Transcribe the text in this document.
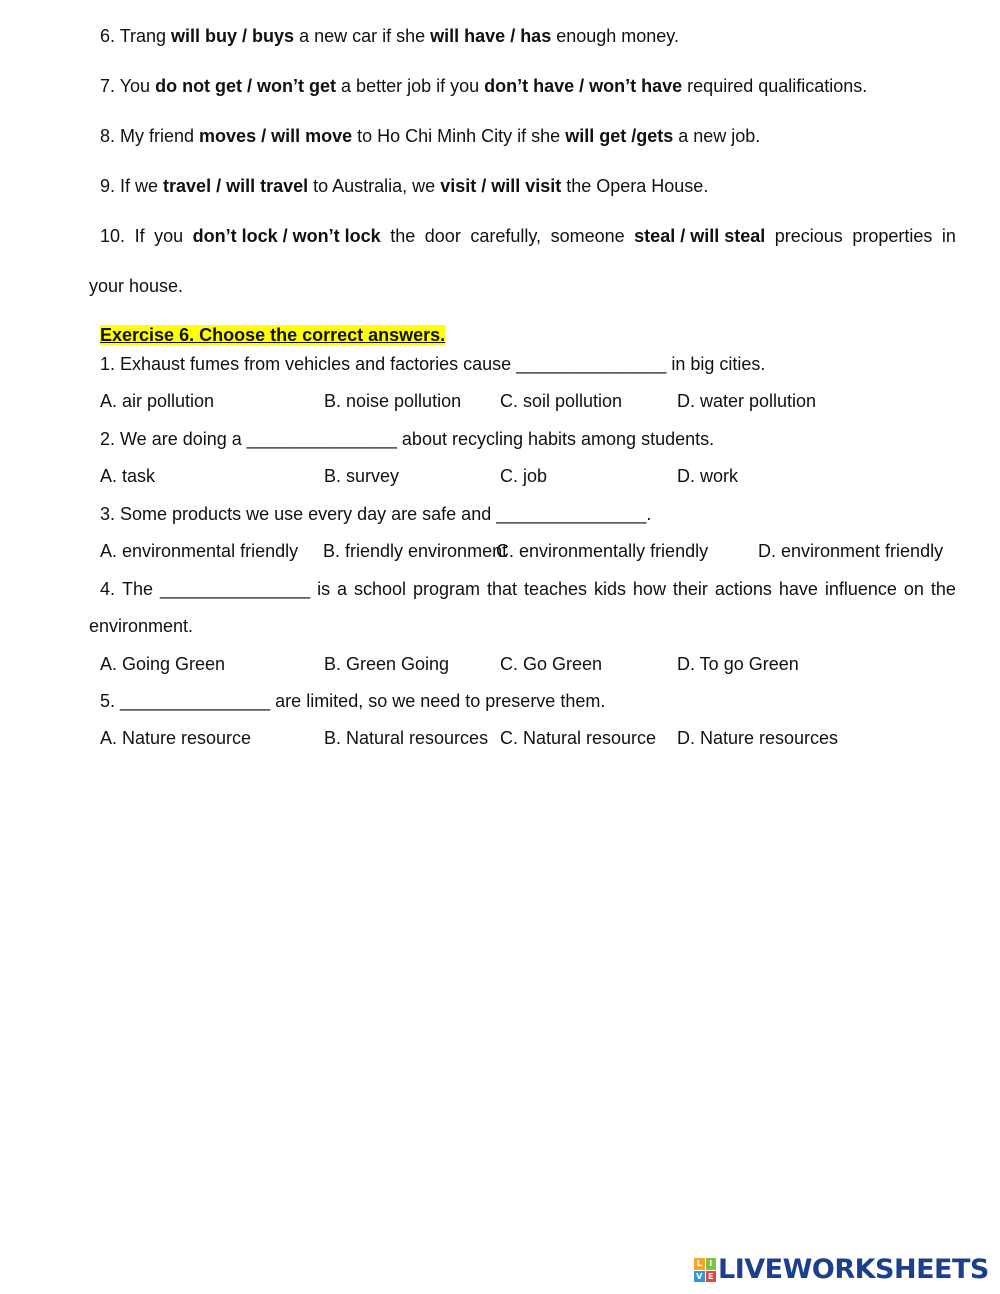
6. Trang will buy / buys a new car if she will have / has enough money.
7. You do not get / won’t get a better job if you don’t have / won’t have required qualifications.
8. My friend moves / will move to Ho Chi Minh City if she will get /gets a new job.
9. If we travel / will travel to Australia, we visit / will visit the Opera House.
10. If you don’t lock / won’t lock the door carefully, someone steal / will steal precious properties in
your house.
Exercise 6. Choose the correct answers.
1. Exhaust fumes from vehicles and factories cause _______________ in big cities.
A. air pollution	B. noise pollution C. soil pollution	D. water pollution
2. We are doing a _______________ about recycling habits among students.
A. task	B. survey	C. job	D. work
3. Some products we use every day are safe and _______________.
A. environmental friendly B. friendly environment
C. environmentally friendly	D. environment friendly
4. The _______________ is a school program that teaches kids how their actions have influence on the
environment.
A. Going Green	B. Green Going	C. Go Green	D. To go Green
5. _______________ are limited, so we need to preserve them.
A. Nature resource	B. Natural resources C. Natural resource D. Nature resources
L I
V E LIVEWORKSHEETS
